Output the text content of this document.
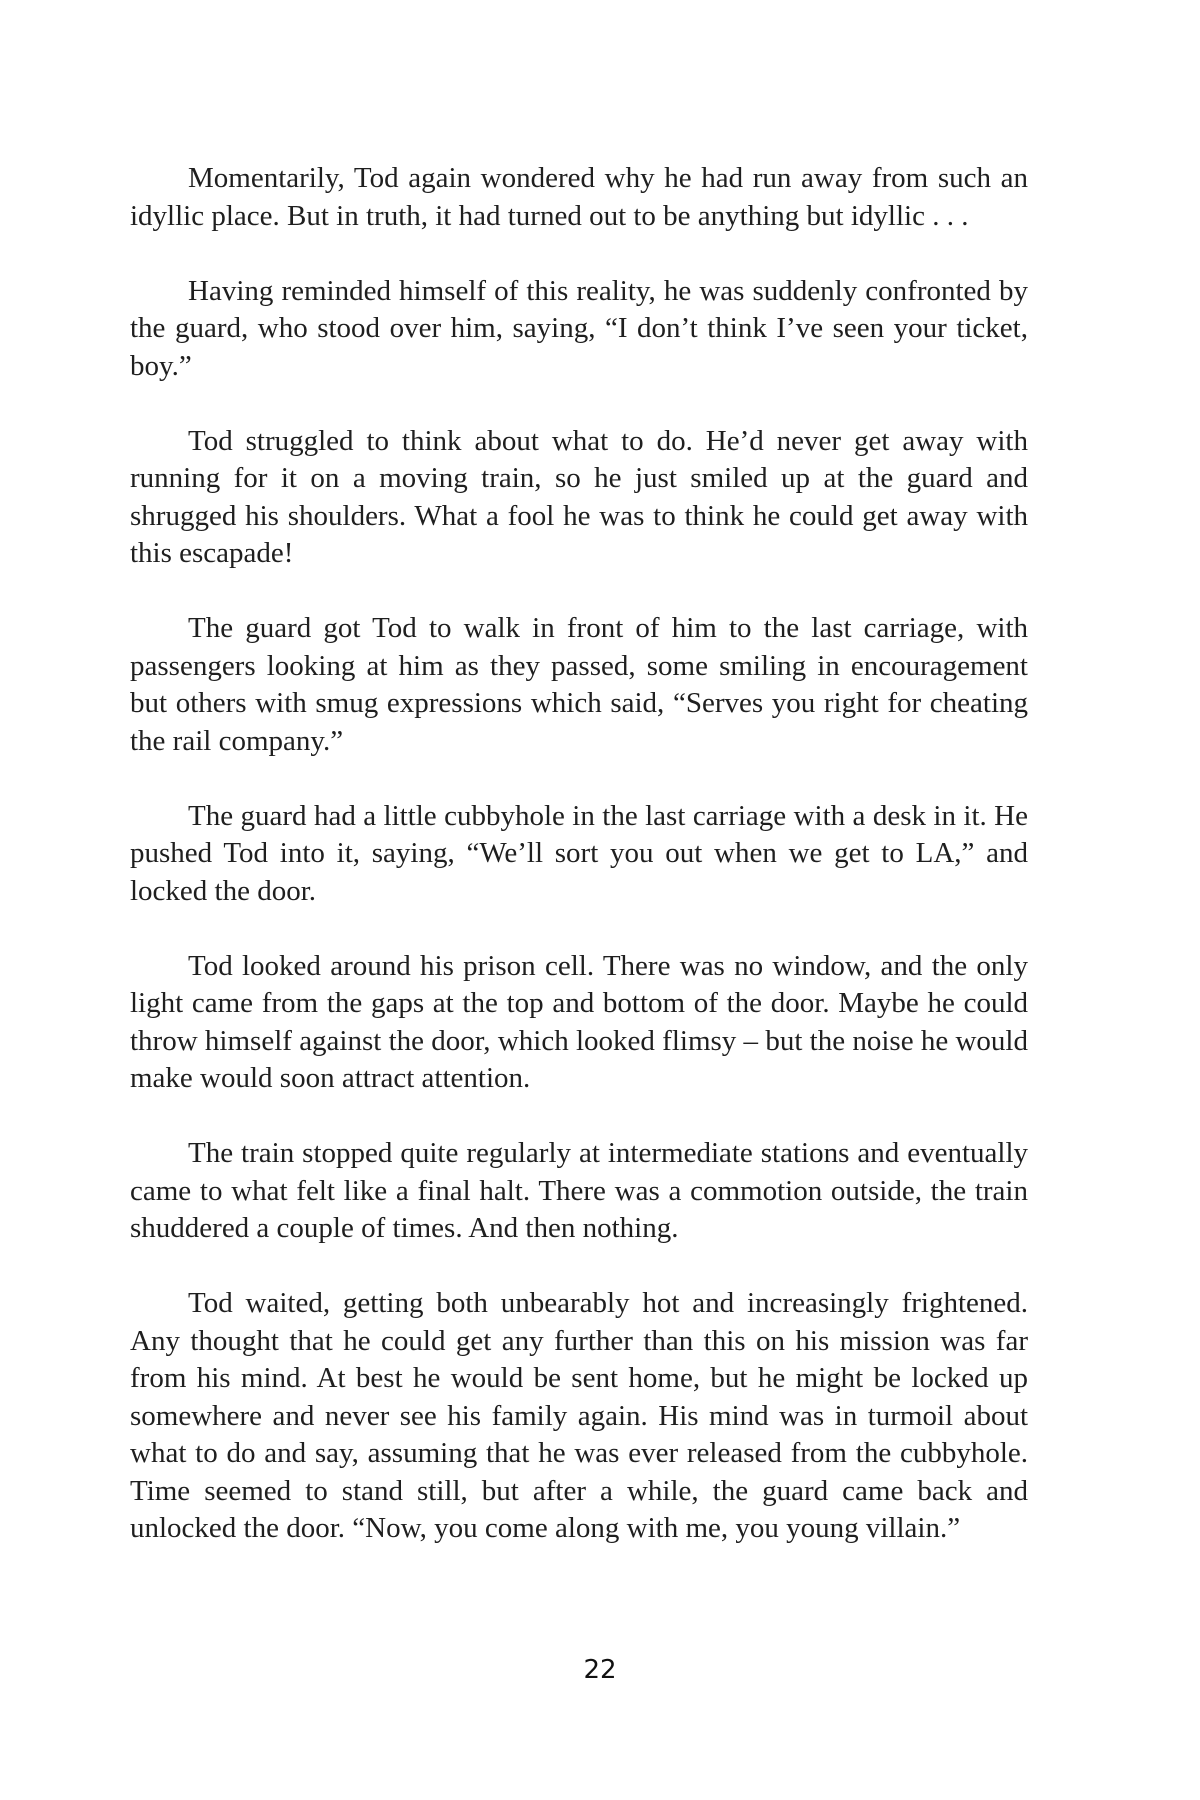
Momentarily, Tod again wondered why he had run away from such an idyllic place. But in truth, it had turned out to be anything but idyllic . . .

Having reminded himself of this reality, he was suddenly confronted by the guard, who stood over him, saying, “I don’t think I’ve seen your ticket, boy.”

Tod struggled to think about what to do. He’d never get away with running for it on a moving train, so he just smiled up at the guard and shrugged his shoulders. What a fool he was to think he could get away with this escapade!

The guard got Tod to walk in front of him to the last carriage, with passengers looking at him as they passed, some smiling in encouragement but others with smug expressions which said, “Serves you right for cheating the rail company.”

The guard had a little cubbyhole in the last carriage with a desk in it. He pushed Tod into it, saying, “We’ll sort you out when we get to LA,” and locked the door.

Tod looked around his prison cell. There was no window, and the only light came from the gaps at the top and bottom of the door. Maybe he could throw himself against the door, which looked flimsy – but the noise he would make would soon attract attention.

The train stopped quite regularly at intermediate stations and eventually came to what felt like a final halt. There was a commotion outside, the train shuddered a couple of times. And then nothing.

Tod waited, getting both unbearably hot and increasingly frightened. Any thought that he could get any further than this on his mission was far from his mind. At best he would be sent home, but he might be locked up somewhere and never see his family again. His mind was in turmoil about what to do and say, assuming that he was ever released from the cubbyhole. Time seemed to stand still, but after a while, the guard came back and unlocked the door. “Now, you come along with me, you young villain.”

22
